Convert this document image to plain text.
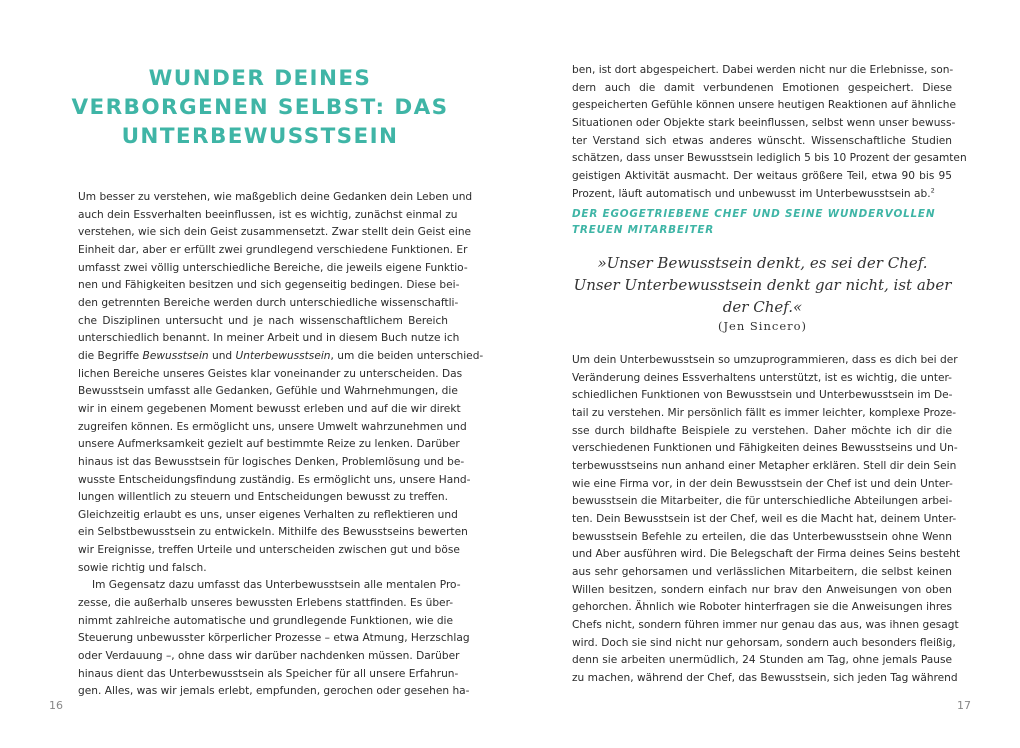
WUNDER DEINES
VERBORGENEN SELBST: DAS
UNTERBEWUSSTSEIN

Um besser zu verstehen, wie maßgeblich deine Gedanken dein Leben und
auch dein Essverhalten beeinflussen, ist es wichtig, zunächst einmal zu
verstehen, wie sich dein Geist zusammensetzt. Zwar stellt dein Geist eine
Einheit dar, aber er erfüllt zwei grundlegend verschiedene Funktionen. Er
umfasst zwei völlig unterschiedliche Bereiche, die jeweils eigene Funktio-
nen und Fähigkeiten besitzen und sich gegenseitig bedingen. Diese bei-
den getrennten Bereiche werden durch unterschiedliche wissenschaftli-
che Disziplinen untersucht und je nach wissenschaftlichem Bereich
unterschiedlich benannt. In meiner Arbeit und in diesem Buch nutze ich
die Begriffe Bewusstsein und Unterbewusstsein, um die beiden unterschied-
lichen Bereiche unseres Geistes klar voneinander zu unterscheiden. Das
Bewusstsein umfasst alle Gedanken, Gefühle und Wahrnehmungen, die
wir in einem gegebenen Moment bewusst erleben und auf die wir direkt
zugreifen können. Es ermöglicht uns, unsere Umwelt wahrzunehmen und
unsere Aufmerksamkeit gezielt auf bestimmte Reize zu lenken. Darüber
hinaus ist das Bewusstsein für logisches Denken, Problemlösung und be-
wusste Entscheidungsfindung zuständig. Es ermöglicht uns, unsere Hand-
lungen willentlich zu steuern und Entscheidungen bewusst zu treffen.
Gleichzeitig erlaubt es uns, unser eigenes Verhalten zu reflektieren und
ein Selbstbewusstsein zu entwickeln. Mithilfe des Bewusstseins bewerten
wir Ereignisse, treffen Urteile und unterscheiden zwischen gut und böse
sowie richtig und falsch.

Im Gegensatz dazu umfasst das Unterbewusstsein alle mentalen Pro-
zesse, die außerhalb unseres bewussten Erlebens stattfinden. Es über-
nimmt zahlreiche automatische und grundlegende Funktionen, wie die
Steuerung unbewusster körperlicher Prozesse – etwa Atmung, Herzschlag
oder Verdauung –, ohne dass wir darüber nachdenken müssen. Darüber
hinaus dient das Unterbewusstsein als Speicher für all unsere Erfahrun-
gen. Alles, was wir jemals erlebt, empfunden, gerochen oder gesehen ha-

16

ben, ist dort abgespeichert. Dabei werden nicht nur die Erlebnisse, son-
dern auch die damit verbundenen Emotionen gespeichert. Diese
gespeicherten Gefühle können unsere heutigen Reaktionen auf ähnliche
Situationen oder Objekte stark beeinflussen, selbst wenn unser bewuss-
ter Verstand sich etwas anderes wünscht. Wissenschaftliche Studien
schätzen, dass unser Bewusstsein lediglich 5 bis 10 Prozent der gesamten
geistigen Aktivität ausmacht. Der weitaus größere Teil, etwa 90 bis 95
Prozent, läuft automatisch und unbewusst im Unterbewusstsein ab.$^2$

DER EGOGETRIEBENE CHEF UND SEINE WUNDERVOLLEN
TREUEN MITARBEITER
»Unser Bewusstsein denkt, es sei der Chef.
Unser Unterbewusstsein denkt gar nicht, ist aber
der Chef.«
(Jen Sincero)

Um dein Unterbewusstsein so umzuprogrammieren, dass es dich bei der
Veränderung deines Essverhaltens unterstützt, ist es wichtig, die unter-
schiedlichen Funktionen von Bewusstsein und Unterbewusstsein im De-
tail zu verstehen. Mir persönlich fällt es immer leichter, komplexe Proze-
sse durch bildhafte Beispiele zu verstehen. Daher möchte ich dir die
verschiedenen Funktionen und Fähigkeiten deines Bewusstseins und Un-
terbewusstseins nun anhand einer Metapher erklären. Stell dir dein Sein
wie eine Firma vor, in der dein Bewusstsein der Chef ist und dein Unter-
bewusstsein die Mitarbeiter, die für unterschiedliche Abteilungen arbei-
ten. Dein Bewusstsein ist der Chef, weil es die Macht hat, deinem Unter-
bewusstsein Befehle zu erteilen, die das Unterbewusstsein ohne Wenn
und Aber ausführen wird. Die Belegschaft der Firma deines Seins besteht
aus sehr gehorsamen und verlässlichen Mitarbeitern, die selbst keinen
Willen besitzen, sondern einfach nur brav den Anweisungen von oben
gehorchen. Ähnlich wie Roboter hinterfragen sie die Anweisungen ihres
Chefs nicht, sondern führen immer nur genau das aus, was ihnen gesagt
wird. Doch sie sind nicht nur gehorsam, sondern auch besonders fleißig,
denn sie arbeiten unermüdlich, 24 Stunden am Tag, ohne jemals Pause
zu machen, während der Chef, das Bewusstsein, sich jeden Tag während

17
